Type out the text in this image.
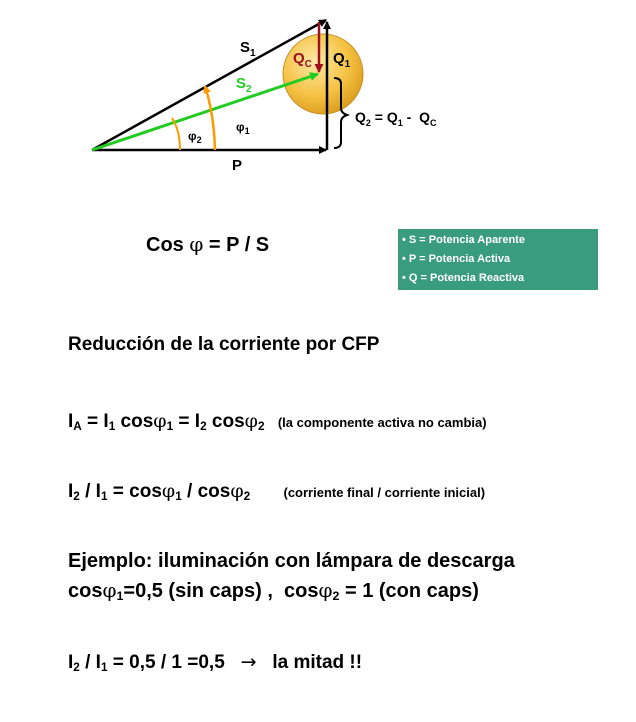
$S_1$
$S_2$
$Q_C$ $Q_1$
$\varphi_2$
$\varphi_1$
P
$Q_2 = Q_1 - Q_C$
Cos φ = P / S	• S = Potencia Aparente
• P = Potencia Activa
• Q = Potencia Reactiva
Reducción de la corriente por CFP
$I_A = I_1$ $\cos\varphi_1 = I_2$ cosφ$_2$ (la componente activa no cambia)
$I_2 / I_1 = \cos\varphi_1 / \cos\varphi_2$	(corriente final / corriente inicial)
Ejemplo: iluminación con lámpara de descarga
cosφ$_1$=0,5 (sin caps) ,  cosφ$_2$ = 1 (con caps)
$I_2 / I_1 = 0,5 / 1 =0,5$   →   la mitad !!
